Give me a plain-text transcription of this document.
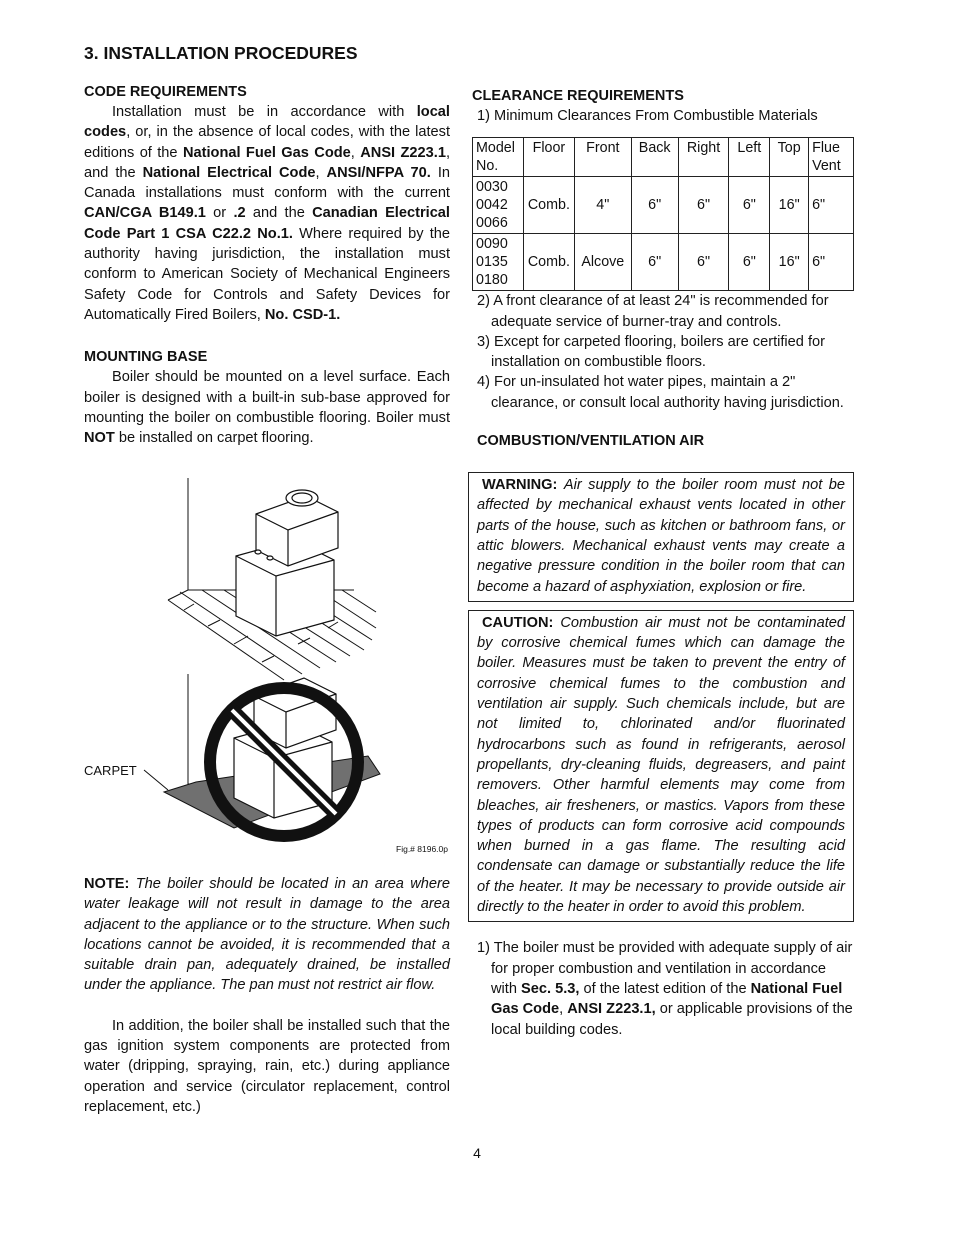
3. INSTALLATION PROCEDURES
CODE REQUIREMENTS

Installation must be in accordance with local codes, or, in the absence of local codes, with the latest editions of the National Fuel Gas Code, ANSI Z223.1, and the National Electrical Code, ANSI/NFPA 70. In Canada installations must conform with the current CAN/CGA B149.1 or .2 and the Canadian Electrical Code Part 1 CSA C22.2 No.1. Where required by the authority having jurisdiction, the installation must conform to American Society of Mechanical Engineers Safety Code for Controls and Safety Devices for Automatically Fired Boilers, No. CSD-1.

MOUNTING BASE

Boiler should be mounted on a level surface. Each boiler is designed with a built-in sub-base approved for mounting the boiler on combustible flooring. Boiler must NOT be installed on carpet flooring.

CARPET
Fig.# 8196.0p

NOTE: The boiler should be located in an area where water leakage will not result in damage to the area adjacent to the appliance or to the structure. When such locations cannot be avoided, it is recommended that a suitable drain pan, adequately drained, be installed under the appliance. The pan must not restrict air flow.

In addition, the boiler shall be installed such that the gas ignition system components are protected from water (dripping, spraying, rain, etc.) during appliance operation and service (circulator replacement, control replacement, etc.)

CLEARANCE REQUIREMENTS

1) Minimum Clearances From Combustible Materials

Model No.	Floor	Front	Back	Right	Left	Top	Flue Vent

0030
0042
0066	Comb.	4"	6"	6"	6"	16"	6"

0090
0135
0180	Comb.	Alcove	6"	6"	6"	16"	6"

2) A front clearance of at least 24" is recommended for adequate service of burner-tray and controls.

3) Except for carpeted flooring, boilers are certified for installation on combustible floors.

4) For un-insulated hot water pipes, maintain a 2" clearance, or consult local authority having jurisdiction.

COMBUSTION/VENTILATION AIR
WARNING: Air supply to the boiler room must not be affected by mechanical exhaust vents located in other parts of the house, such as kitchen or bathroom fans, or attic blowers. Mechanical exhaust vents may create a negative pressure condition in the boiler room that can become a hazard of asphyxiation, explosion or fire.
CAUTION: Combustion air must not be contaminated by corrosive chemical fumes which can damage the boiler. Measures must be taken to prevent the entry of corrosive chemical fumes to the combustion and ventilation air supply. Such chemicals include, but are not limited to, chlorinated and/or fluorinated hydrocarbons such as found in refrigerants, aerosol propellants, dry-cleaning fluids, degreasers, and paint removers. Other harmful elements may come from bleaches, air fresheners, or mastics. Vapors from these types of products can form corrosive acid compounds when burned in a gas flame. The resulting acid condensate can damage or substantially reduce the life of the heater. It may be necessary to provide outside air directly to the heater in order to avoid this problem.

1) The boiler must be provided with adequate supply of air for proper combustion and ventilation in accordance with Sec. 5.3, of the latest edition of the National Fuel Gas Code, ANSI Z223.1, or applicable provisions of the local building codes.

4
